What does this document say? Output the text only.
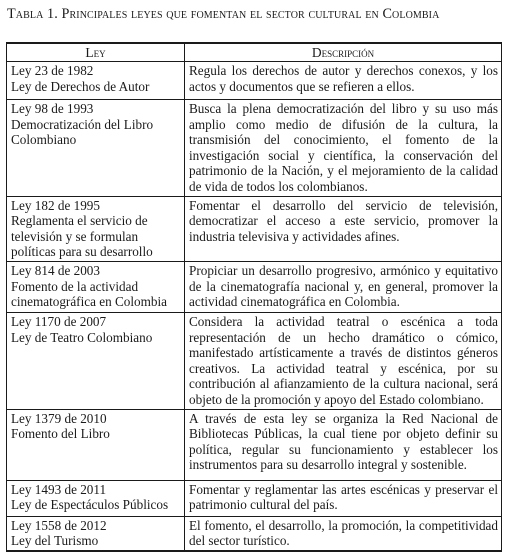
Tabla 1. Principales leyes que fomentan el sector cultural en Colombia
Ley	Descripción

Ley 23 de 1982
Ley de Derechos de Autor	Regula los derechos de autor y derechos conexos, y los actos y documentos que se refieren a ellos.

Ley 98 de 1993
Democratización del Libro Colombiano	Busca la plena democratización del libro y su uso más amplio como medio de difusión de la cultura, la transmisión del conocimiento, el fomento de la investigación social y científica, la conservación del patrimonio de la Nación, y el mejoramiento de la calidad de vida de todos los colombianos.

Ley 182 de 1995
Reglamenta el servicio de televisión y se formulan políticas para su desarrollo	Fomentar el desarrollo del servicio de televisión, democratizar el acceso a este servicio, promover la industria televisiva y actividades afines.

Ley 814 de 2003
Fomento de la actividad cinematográfica en Colombia	Propiciar un desarrollo progresivo, armónico y equitativo de la cinematografía nacional y, en general, promover la actividad cinematográfica en Colombia.

Ley 1170 de 2007
Ley de Teatro Colombiano	Considera la actividad teatral o escénica a toda representación de un hecho dramático o cómico, manifestado artísticamente a través de distintos géneros creativos. La actividad teatral y escénica, por su contribución al afianzamiento de la cultura nacional, será objeto de la promoción y apoyo del Estado colombiano.

Ley 1379 de 2010
Fomento del Libro	A través de esta ley se organiza la Red Nacional de Bibliotecas Públicas, la cual tiene por objeto definir su política, regular su funcionamiento y establecer los instrumentos para su desarrollo integral y sostenible.

Ley 1493 de 2011
Ley de Espectáculos Públicos	Fomentar y reglamentar las artes escénicas y preservar el patrimonio cultural del país.

Ley 1558 de 2012
Ley del Turismo	El fomento, el desarrollo, la promoción, la competitividad del sector turístico.
